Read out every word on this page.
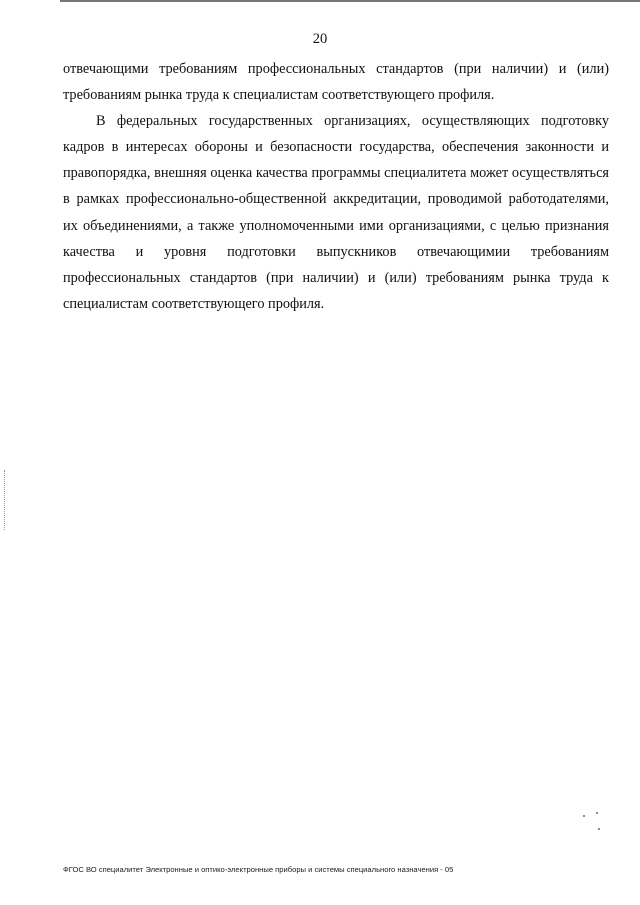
20

отвечающими требованиям профессиональных стандартов (при наличии) и (или) требованиям рынка труда к специалистам соответствующего профиля.

В федеральных государственных организациях, осуществляющих подготовку кадров в интересах обороны и безопасности государства, обеспечения законности и правопорядка, внешняя оценка качества программы специалитета может осуществляться в рамках профессионально-общественной аккредитации, проводимой работодателями, их объединениями, а также уполномоченными ими организациями, с целью признания качества и уровня подготовки выпускников отвечающимии требованиям профессиональных стандартов (при наличии) и (или) требованиям рынка труда к специалистам соответствующего профиля.

ФГОС ВО специалитет Электронные и оптико-электронные приборы и системы специального назначения - 05
